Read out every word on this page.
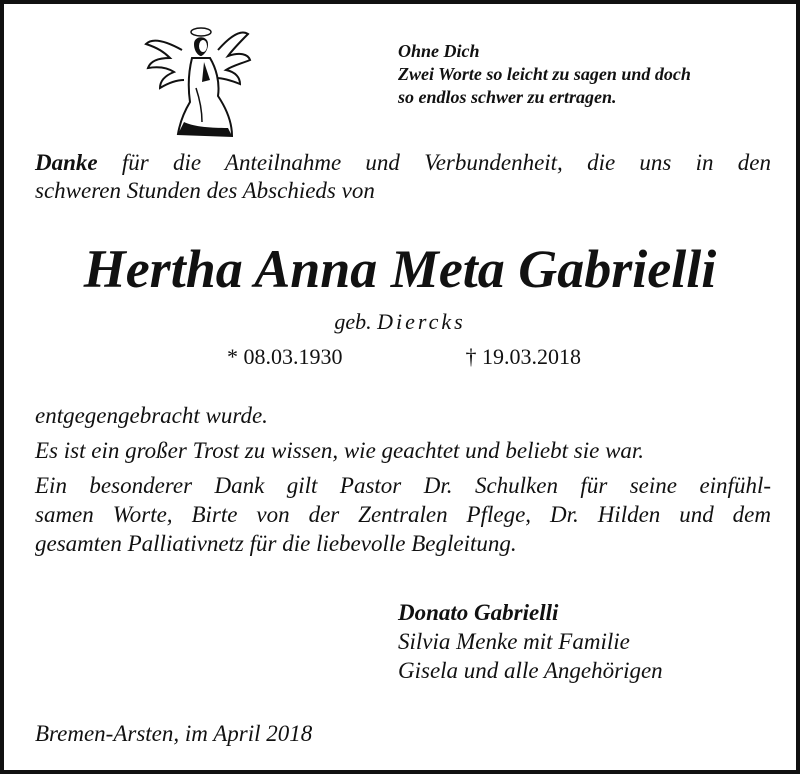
Ohne Dich
Zwei Worte so leicht zu sagen und doch
so endlos schwer zu ertragen.
Danke für die Anteilnahme und Verbundenheit, die uns in den
schweren Stunden des Abschieds von
Hertha Anna Meta Gabrielli
geb. Diercks
* 08.03.1930	† 19.03.2018

entgegengebracht wurde.

Es ist ein großer Trost zu wissen, wie geachtet und beliebt sie war.

Ein besonderer Dank gilt Pastor Dr. Schulken für seine einfühl-
samen Worte, Birte von der Zentralen Pflege, Dr. Hilden und dem
gesamten Palliativnetz für die liebevolle Begleitung.
Donato Gabrielli
Silvia Menke mit Familie
Gisela und alle Angehörigen
Bremen-Arsten, im April 2018
